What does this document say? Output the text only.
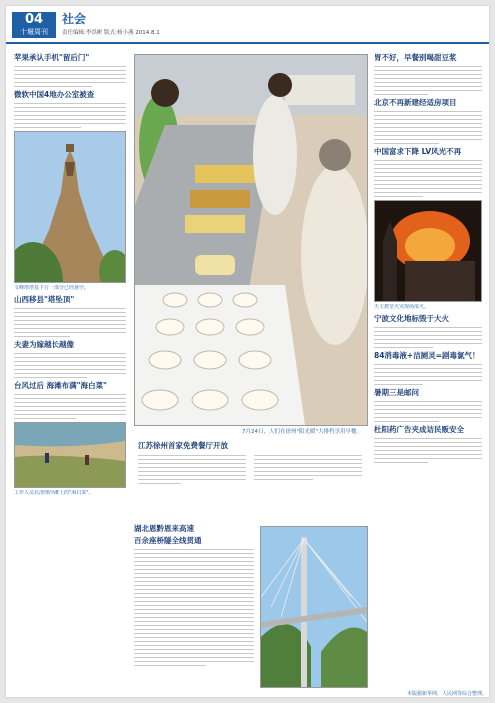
04
十堰周刊
社会
责任编辑:李洪彬 版式:杨小燕 2014.8.1
苹果承认手机"留后门"
微软中国4地办公室被查
文峰塔塔基下方一部分已经悬空。
山西移县"塔坠顶"
夫妻为嫁越长越像
台风过后 海滩布满"海白菜"
工作人员在清理沙滩上的"海白菜"。
7月24日，人们在徐州"阳光暖"大排档享用早餐。
江苏徐州首家免费餐厅开放
湖北恩黔恩来高速
百余座桥隧全线贯通
胃不好，早餐别喝甜豆浆
北京不再新建经适房项目
中国富求下降 LV风光不再
天主教堂火灾现场浓火。
宁波文化地标毁于大火
84消毒液+洁厕灵=剧毒氯气！
暑期三是邮问
杜阳药广告夹成诘民贩安全
本版据新华网、人民网等综合整理。
